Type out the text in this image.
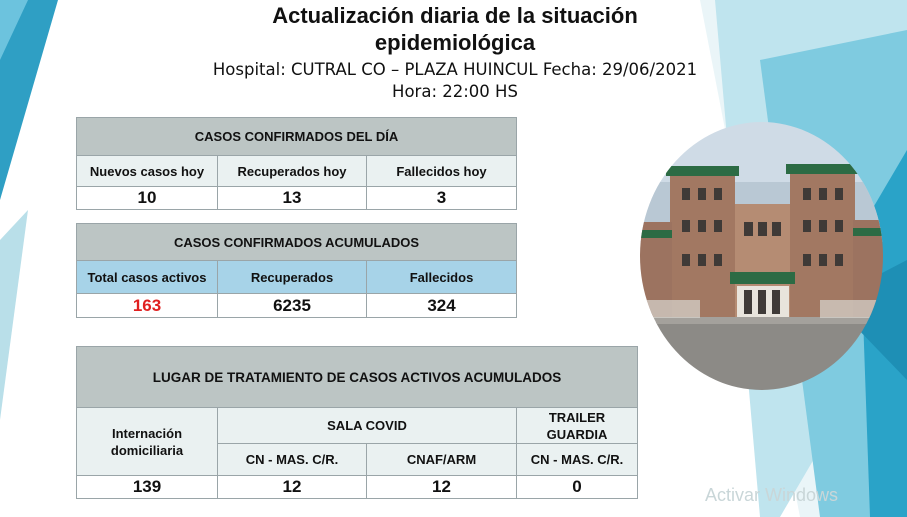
Actualización diaria de la situación epidemiológica
Hospital: CUTRAL CO – PLAZA HUINCUL Fecha: 29/06/2021
Hora: 22:00 HS
CASOS CONFIRMADOS DEL DÍA		
Nuevos casos hoy	Recuperados hoy	Fallecidos hoy
10	13	3
CASOS CONFIRMADOS ACUMULADOS		
Total casos activos	Recuperados	Fallecidos
163	6235	324
LUGAR DE TRATAMIENTO DE CASOS ACTIVOS ACUMULADOS			
Internación domiciliaria	SALA COVID		TRAILER GUARDIA
	CN - MAS. C/R.	CNAF/ARM	CN - MAS. C/R.
139	12	12	0	Activar Windows
